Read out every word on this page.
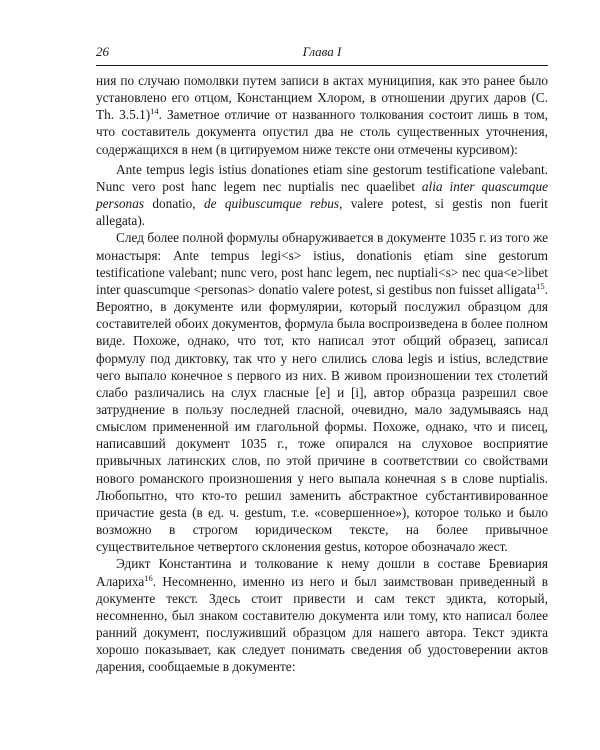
26	Глава I

ния по случаю помолвки путем записи в актах муниципия, как это ранее было установлено его отцом, Констанцием Хлором, в отношении других даров (C. Th. 3.5.1)$^{14}$. Заметное отличие от названного толкования состоит лишь в том, что составитель документа опустил два не столь существенных уточнения, содержащихся в нем (в цитируемом ниже тексте они отмечены курсивом):

Ante tempus legis istius donationes etiam sine gestorum testificatione valebant. Nunc vero post hanc legem nec nuptialis nec quaelibet alia inter quascumque personas donatio, de quibuscumque rebus, valere potest, si gestis non fuerit allegata).

След более полной формулы обнаруживается в документе 1035 г. из того же монастыря: Ante tempus legi<s> istius, donationis ẹtiam sine gestorum testificatione valebant; nunc vero, post hanc legem, nec nuptiali<s> nec qua<e>libet inter quascumque <personas> donatio valere potest, si gestibus non fuisset alligata$^{15}$. Вероятно, в документе или формулярии, который послужил образцом для составителей обоих документов, формула была воспроизведена в более полном виде. Похоже, однако, что тот, кто написал этот общий образец, записал формулу под диктовку, так что у него слились слова legis и istius, вследствие чего выпало конечное s первого из них. В живом произношении тех столетий слабо различались на слух гласные [e] и [i], автор образца разрешил свое затруднение в пользу последней гласной, очевидно, мало задумываясь над смыслом примененной им глагольной формы. Похоже, однако, что и писец, написавший документ 1035 г., тоже опирался на слуховое восприятие привычных латинских слов, по этой причине в соответствии со свойствами нового романского произношения у него выпала конечная s в слове nuptialis. Любопытно, что кто-то решил заменить абстрактное субстантивированное причастие gesta (в ед. ч. gestum, т.е. «совершенное»), которое только и было возможно в строгом юридическом тексте, на более привычное существительное четвертого склонения gestus, которое обозначало жест.

Эдикт Константина и толкование к нему дошли в составе Бревиария Алариха$^{16}$. Несомненно, именно из него и был заимствован приведенный в документе текст. Здесь стоит привести и сам текст эдикта, который, несомненно, был знаком составителю документа или тому, кто написал более ранний документ, послуживший образцом для нашего автора. Текст эдикта хорошо показывает, как следует понимать сведения об удостоверении актов дарения, сообщаемые в документе:
